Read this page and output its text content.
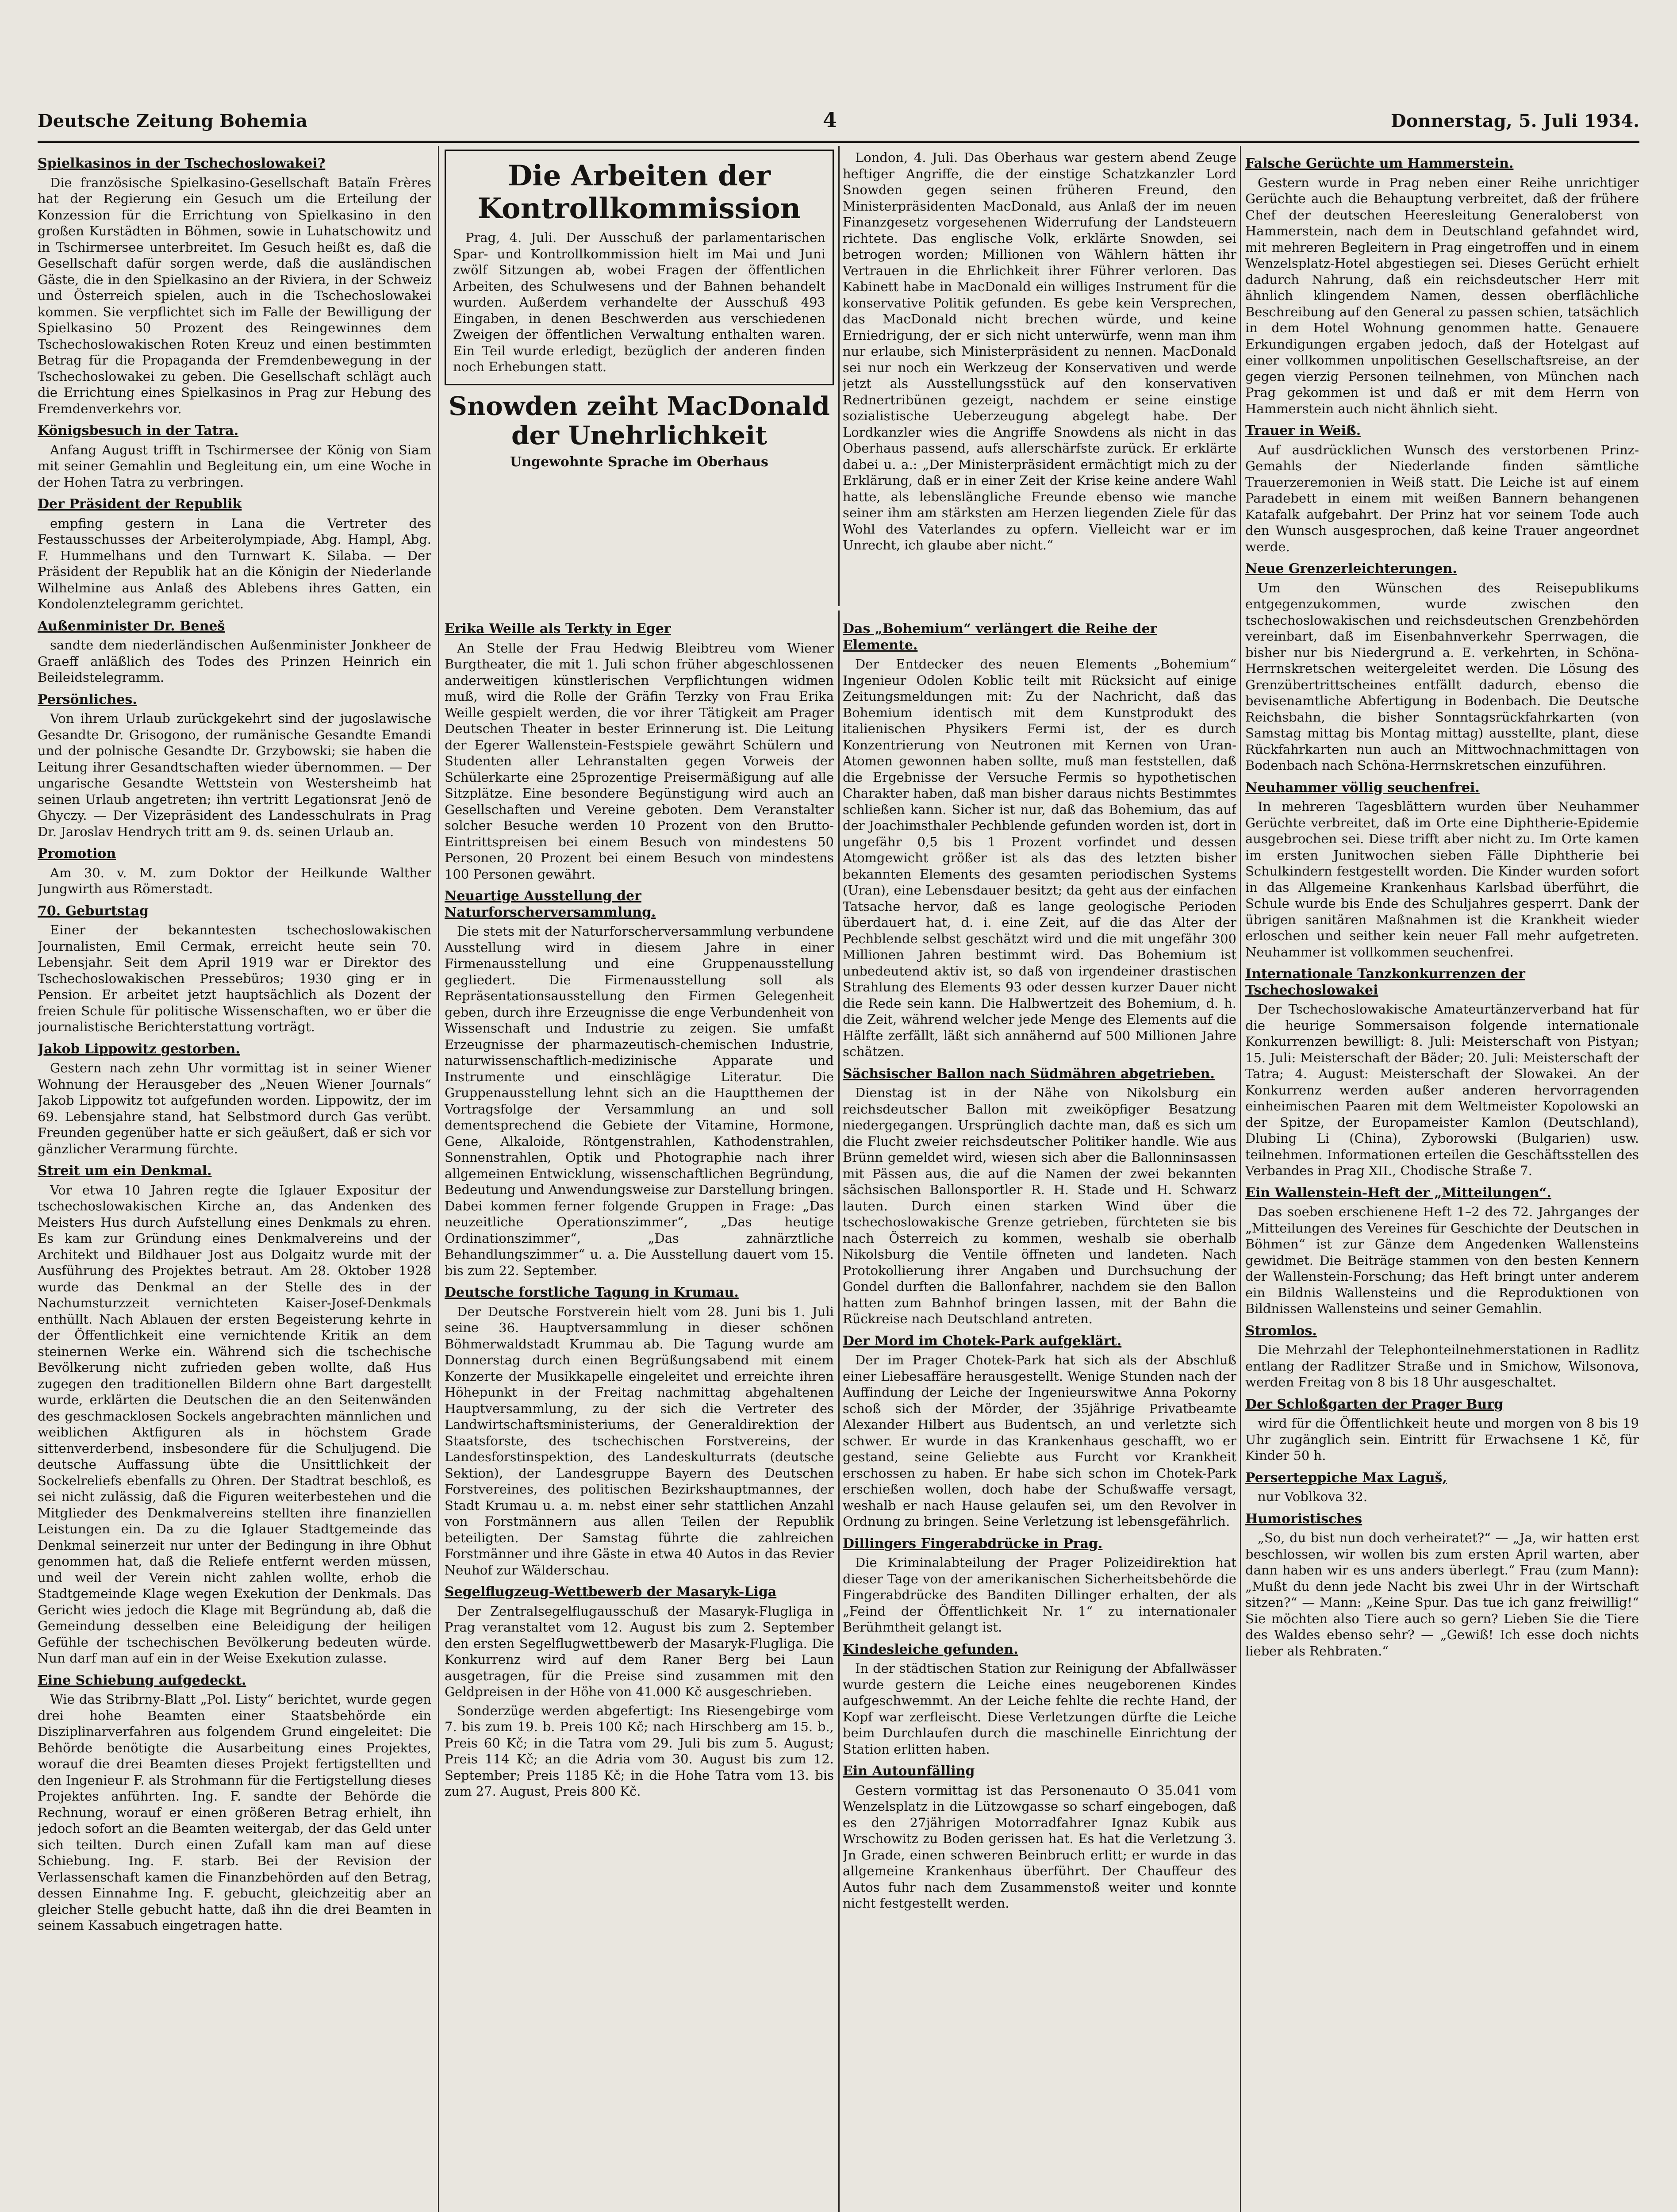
Deutsche Zeitung Bohemia	4	Donnerstag, 5. Juli 1934.
Spielkasinos in der Tschechoslowakei?

Die französische Spielkasino-Gesellschaft Bataïn Frères hat der Regierung ein Gesuch um die Erteilung der Konzession für die Errichtung von Spielkasino in den großen Kurstädten in Böhmen, sowie in Luhatschowitz und in Tschirmersee unterbreitet. Im Gesuch heißt es, daß die Gesellschaft dafür sorgen werde, daß die ausländischen Gäste, die in den Spielkasino an der Riviera, in der Schweiz und Österreich spielen, auch in die Tschechoslowakei kommen. Sie verpflichtet sich im Falle der Bewilligung der Spielkasino 50 Prozent des Reingewinnes dem Tschechoslowakischen Roten Kreuz und einen bestimmten Betrag für die Propaganda der Fremdenbewegung in der Tschechoslowakei zu geben. Die Gesellschaft schlägt auch die Errichtung eines Spielkasinos in Prag zur Hebung des Fremdenverkehrs vor.

Königsbesuch in der Tatra.

Anfang August trifft in Tschirmersee der König von Siam mit seiner Gemahlin und Begleitung ein, um eine Woche in der Hohen Tatra zu verbringen.

Der Präsident der Republik

empfing gestern in Lana die Vertreter des Festausschusses der Arbeiterolympiade, Abg. Hampl, Abg. F. Hummelhans und den Turnwart K. Silaba. — Der Präsident der Republik hat an die Königin der Niederlande Wilhelmine aus Anlaß des Ablebens ihres Gatten, ein Kondolenztelegramm gerichtet.

Außenminister Dr. Beneš

sandte dem niederländischen Außenminister Jonkheer de Graeff anläßlich des Todes des Prinzen Heinrich ein Beileidstelegramm.

Persönliches.

Von ihrem Urlaub zurückgekehrt sind der jugoslawische Gesandte Dr. Grisogono, der rumänische Gesandte Emandi und der polnische Gesandte Dr. Grzybowski; sie haben die Leitung ihrer Gesandtschaften wieder übernommen. — Der ungarische Gesandte Wettstein von Westersheimb hat seinen Urlaub angetreten; ihn vertritt Legationsrat Jenö de Ghyczy. — Der Vizepräsident des Landesschulrats in Prag Dr. Jaroslav Hendrych tritt am 9. ds. seinen Urlaub an.

Promotion

Am 30. v. M. zum Doktor der Heilkunde Walther Jungwirth aus Römerstadt.

70. Geburtstag

Einer der bekanntesten tschechoslowakischen Journalisten, Emil Cermak, erreicht heute sein 70. Lebensjahr. Seit dem April 1919 war er Direktor des Tschechoslowakischen Pressebüros; 1930 ging er in Pension. Er arbeitet jetzt hauptsächlich als Dozent der freien Schule für politische Wissenschaften, wo er über die journalistische Berichterstattung vorträgt.

Jakob Lippowitz gestorben.

Gestern nach zehn Uhr vormittag ist in seiner Wiener Wohnung der Herausgeber des „Neuen Wiener Journals“ Jakob Lippowitz tot aufgefunden worden. Lippowitz, der im 69. Lebensjahre stand, hat Selbstmord durch Gas verübt. Freunden gegenüber hatte er sich geäußert, daß er sich vor gänzlicher Verarmung fürchte.

Streit um ein Denkmal.

Vor etwa 10 Jahren regte die Iglauer Expositur der tschechoslowakischen Kirche an, das Andenken des Meisters Hus durch Aufstellung eines Denkmals zu ehren. Es kam zur Gründung eines Denkmalvereins und der Architekt und Bildhauer Jost aus Dolgaitz wurde mit der Ausführung des Projektes betraut. Am 28. Oktober 1928 wurde das Denkmal an der Stelle des in der Nachumsturzzeit vernichteten Kaiser-Josef-Denkmals enthüllt. Nach Ablauen der ersten Begeisterung kehrte in der Öffentlichkeit eine vernichtende Kritik an dem steinernen Werke ein. Während sich die tschechische Bevölkerung nicht zufrieden geben wollte, daß Hus zugegen den traditionellen Bildern ohne Bart dargestellt wurde, erklärten die Deutschen die an den Seitenwänden des geschmacklosen Sockels angebrachten männlichen und weiblichen Aktfiguren als in höchstem Grade sittenverderbend, insbesondere für die Schuljugend. Die deutsche Auffassung übte die Unsittlichkeit der Sockelreliefs ebenfalls zu Ohren. Der Stadtrat beschloß, es sei nicht zulässig, daß die Figuren weiterbestehen und die Mitglieder des Denkmalvereins stellten ihre finanziellen Leistungen ein. Da zu die Iglauer Stadtgemeinde das Denkmal seinerzeit nur unter der Bedingung in ihre Obhut genommen hat, daß die Reliefe entfernt werden müssen, und weil der Verein nicht zahlen wollte, erhob die Stadtgemeinde Klage wegen Exekution der Denkmals. Das Gericht wies jedoch die Klage mit Begründung ab, daß die Gemeindung desselben eine Beleidigung der heiligen Gefühle der tschechischen Bevölkerung bedeuten würde. Nun darf man auf ein in der Weise Exekution zulasse.

Eine Schiebung aufgedeckt.

Wie das Stribrny-Blatt „Pol. Listy“ berichtet, wurde gegen drei hohe Beamten einer Staatsbehörde ein Disziplinarverfahren aus folgendem Grund eingeleitet: Die Behörde benötigte die Ausarbeitung eines Projektes, worauf die drei Beamten dieses Projekt fertigstellten und den Ingenieur F. als Strohmann für die Fertigstellung dieses Projektes anführten. Ing. F. sandte der Behörde die Rechnung, worauf er einen größeren Betrag erhielt, ihn jedoch sofort an die Beamten weitergab, der das Geld unter sich teilten. Durch einen Zufall kam man auf diese Schiebung. Ing. F. starb. Bei der Revision der Verlassenschaft kamen die Finanzbehörden auf den Betrag, dessen Einnahme Ing. F. gebucht, gleichzeitig aber an gleicher Stelle gebucht hatte, daß ihn die drei Beamten in seinem Kassabuch eingetragen hatte.

Die Arbeiten der Kontrollkommission

Prag, 4. Juli. Der Ausschuß der parlamentarischen Spar- und Kontrollkommission hielt im Mai und Juni zwölf Sitzungen ab, wobei Fragen der öffentlichen Arbeiten, des Schulwesens und der Bahnen behandelt wurden. Außerdem verhandelte der Ausschuß 493 Eingaben, in denen Beschwerden aus verschiedenen Zweigen der öffentlichen Verwaltung enthalten waren. Ein Teil wurde erledigt, bezüglich der anderen finden noch Erhebungen statt.

Snowden zeiht MacDonald der Unehrlichkeit
Ungewohnte Sprache im Oberhaus

London, 4. Juli. Das Oberhaus war gestern abend Zeuge heftiger Angriffe, die der einstige Schatzkanzler Lord Snowden gegen seinen früheren Freund, den Ministerpräsidenten MacDonald, aus Anlaß der im neuen Finanzgesetz vorgesehenen Widerrufung der Landsteuern richtete. Das englische Volk, erklärte Snowden, sei betrogen worden; Millionen von Wählern hätten ihr Vertrauen in die Ehrlichkeit ihrer Führer verloren. Das Kabinett habe in MacDonald ein williges Instrument für die konservative Politik gefunden. Es gebe kein Versprechen, das MacDonald nicht brechen würde, und keine Erniedrigung, der er sich nicht unterwürfe, wenn man ihm nur erlaube, sich Ministerpräsident zu nennen. MacDonald sei nur noch ein Werkzeug der Konservativen und werde jetzt als Ausstellungsstück auf den konservativen Rednertribünen gezeigt, nachdem er seine einstige sozialistische Ueberzeugung abgelegt habe. Der Lordkanzler wies die Angriffe Snowdens als nicht in das Oberhaus passend, aufs allerschärfste zurück. Er erklärte dabei u. a.: „Der Ministerpräsident ermächtigt mich zu der Erklärung, daß er in einer Zeit der Krise keine andere Wahl hatte, als lebenslängliche Freunde ebenso wie manche seiner ihm am stärksten am Herzen liegenden Ziele für das Wohl des Vaterlandes zu opfern. Vielleicht war er im Unrecht, ich glaube aber nicht.“

Erika Weille als Terkty in Eger

An Stelle der Frau Hedwig Bleibtreu vom Wiener Burgtheater, die mit 1. Juli schon früher abgeschlossenen anderweitigen künstlerischen Verpflichtungen widmen muß, wird die Rolle der Gräfin Terzky von Frau Erika Weille gespielt werden, die vor ihrer Tätigkeit am Prager Deutschen Theater in bester Erinnerung ist. Die Leitung der Egerer Wallenstein-Festspiele gewährt Schülern und Studenten aller Lehranstalten gegen Vorweis der Schülerkarte eine 25prozentige Preisermäßigung auf alle Sitzplätze. Eine besondere Begünstigung wird auch an Gesellschaften und Vereine geboten. Dem Veranstalter solcher Besuche werden 10 Prozent von den Brutto-Eintrittspreisen bei einem Besuch von mindestens 50 Personen, 20 Prozent bei einem Besuch von mindestens 100 Personen gewährt.

Neuartige Ausstellung der Naturforscherversammlung.

Die stets mit der Naturforscherversammlung verbundene Ausstellung wird in diesem Jahre in einer Firmenausstellung und eine Gruppenausstellung gegliedert. Die Firmenausstellung soll als Repräsentationsausstellung den Firmen Gelegenheit geben, durch ihre Erzeugnisse die enge Verbundenheit von Wissenschaft und Industrie zu zeigen. Sie umfaßt Erzeugnisse der pharmazeutisch-chemischen Industrie, naturwissenschaftlich-medizinische Apparate und Instrumente und einschlägige Literatur. Die Gruppenausstellung lehnt sich an die Hauptthemen der Vortragsfolge der Versammlung an und soll dementsprechend die Gebiete der Vitamine, Hormone, Gene, Alkaloide, Röntgenstrahlen, Kathodenstrahlen, Sonnenstrahlen, Optik und Photographie nach ihrer allgemeinen Entwicklung, wissenschaftlichen Begründung, Bedeutung und Anwendungsweise zur Darstellung bringen. Dabei kommen ferner folgende Gruppen in Frage: „Das neuzeitliche Operationszimmer“, „Das heutige Ordinationszimmer“, „Das zahnärztliche Behandlungszimmer“ u. a. Die Ausstellung dauert vom 15. bis zum 22. September.

Deutsche forstliche Tagung in Krumau.

Der Deutsche Forstverein hielt vom 28. Juni bis 1. Juli seine 36. Hauptversammlung in dieser schönen Böhmerwaldstadt Krummau ab. Die Tagung wurde am Donnerstag durch einen Begrüßungsabend mit einem Konzerte der Musikkapelle eingeleitet und erreichte ihren Höhepunkt in der Freitag nachmittag abgehaltenen Hauptversammlung, zu der sich die Vertreter des Landwirtschaftsministeriums, der Generaldirektion der Staatsforste, des tschechischen Forstvereins, der Landesforstinspektion, des Landeskulturrats (deutsche Sektion), der Landesgruppe Bayern des Deutschen Forstvereines, des politischen Bezirkshauptmannes, der Stadt Krumau u. a. m. nebst einer sehr stattlichen Anzahl von Forstmännern aus allen Teilen der Republik beteiligten. Der Samstag führte die zahlreichen Forstmänner und ihre Gäste in etwa 40 Autos in das Revier Neuhof zur Wälderschau.

Segelflugzeug-Wettbewerb der Masaryk-Liga

Der Zentralsegelflugausschuß der Masaryk-Flugliga in Prag veranstaltet vom 12. August bis zum 2. September den ersten Segelflugwettbewerb der Masaryk-Flugliga. Die Konkurrenz wird auf dem Raner Berg bei Laun ausgetragen, für die Preise sind zusammen mit den Geldpreisen in der Höhe von 41.000 Kč ausgeschrieben.

Sonderzüge werden abgefertigt: Ins Riesengebirge vom 7. bis zum 19. b. Preis 100 Kč; nach Hirschberg am 15. b., Preis 60 Kč; in die Tatra vom 29. Juli bis zum 5. August; Preis 114 Kč; an die Adria vom 30. August bis zum 12. September; Preis 1185 Kč; in die Hohe Tatra vom 13. bis zum 27. August, Preis 800 Kč.

Das „Bohemium“ verlängert die Reihe der Elemente.

Der Entdecker des neuen Elements „Bohemium“ Ingenieur Odolen Koblic teilt mit Rücksicht auf einige Zeitungsmeldungen mit: Zu der Nachricht, daß das Bohemium identisch mit dem Kunstprodukt des italienischen Physikers Fermi ist, der es durch Konzentrierung von Neutronen mit Kernen von Uran-Atomen gewonnen haben sollte, muß man feststellen, daß die Ergebnisse der Versuche Fermis so hypothetischen Charakter haben, daß man bisher daraus nichts Bestimmtes schließen kann. Sicher ist nur, daß das Bohemium, das auf der Joachimsthaler Pechblende gefunden worden ist, dort in ungefähr 0,5 bis 1 Prozent vorfindet und dessen Atomgewicht größer ist als das des letzten bisher bekannten Elements des gesamten periodischen Systems (Uran), eine Lebensdauer besitzt; da geht aus der einfachen Tatsache hervor, daß es lange geologische Perioden überdauert hat, d. i. eine Zeit, auf die das Alter der Pechblende selbst geschätzt wird und die mit ungefähr 300 Millionen Jahren bestimmt wird. Das Bohemium ist unbedeutend aktiv ist, so daß von irgendeiner drastischen Strahlung des Elements 93 oder dessen kurzer Dauer nicht die Rede sein kann. Die Halbwertzeit des Bohemium, d. h. die Zeit, während welcher jede Menge des Elements auf die Hälfte zerfällt, läßt sich annähernd auf 500 Millionen Jahre schätzen.

Sächsischer Ballon nach Südmähren abgetrieben.

Dienstag ist in der Nähe von Nikolsburg ein reichsdeutscher Ballon mit zweiköpfiger Besatzung niedergegangen. Ursprünglich dachte man, daß es sich um die Flucht zweier reichsdeutscher Politiker handle. Wie aus Brünn gemeldet wird, wiesen sich aber die Ballonninsassen mit Pässen aus, die auf die Namen der zwei bekannten sächsischen Ballonsportler R. H. Stade und H. Schwarz lauten. Durch einen starken Wind über die tschechoslowakische Grenze getrieben, fürchteten sie bis nach Österreich zu kommen, weshalb sie oberhalb Nikolsburg die Ventile öffneten und landeten. Nach Protokollierung ihrer Angaben und Durchsuchung der Gondel durften die Ballonfahrer, nachdem sie den Ballon hatten zum Bahnhof bringen lassen, mit der Bahn die Rückreise nach Deutschland antreten.

Der Mord im Chotek-Park aufgeklärt.

Der im Prager Chotek-Park hat sich als der Abschluß einer Liebesaffäre herausgestellt. Wenige Stunden nach der Auffindung der Leiche der Ingenieurswitwe Anna Pokorny schoß sich der Mörder, der 35jährige Privatbeamte Alexander Hilbert aus Budentsch, an und verletzte sich schwer. Er wurde in das Krankenhaus geschafft, wo er gestand, seine Geliebte aus Furcht vor Krankheit erschossen zu haben. Er habe sich schon im Chotek-Park erschießen wollen, doch habe der Schußwaffe versagt, weshalb er nach Hause gelaufen sei, um den Revolver in Ordnung zu bringen. Seine Verletzung ist lebensgefährlich.

Dillingers Fingerabdrücke in Prag.

Die Kriminalabteilung der Prager Polizeidirektion hat dieser Tage von der amerikanischen Sicherheitsbehörde die Fingerabdrücke des Banditen Dillinger erhalten, der als „Feind der Öffentlichkeit Nr. 1“ zu internationaler Berühmtheit gelangt ist.

Kindesleiche gefunden.

In der städtischen Station zur Reinigung der Abfallwässer wurde gestern die Leiche eines neugeborenen Kindes aufgeschwemmt. An der Leiche fehlte die rechte Hand, der Kopf war zerfleischt. Diese Verletzungen dürfte die Leiche beim Durchlaufen durch die maschinelle Einrichtung der Station erlitten haben.

Ein Autounfälling

Gestern vormittag ist das Personenauto O 35.041 vom Wenzelsplatz in die Lützowgasse so scharf eingebogen, daß es den 27jährigen Motorradfahrer Ignaz Kubik aus Wrschowitz zu Boden gerissen hat. Es hat die Verletzung 3. Jn Grade, einen schweren Beinbruch erlitt; er wurde in das allgemeine Krankenhaus überführt. Der Chauffeur des Autos fuhr nach dem Zusammenstoß weiter und konnte nicht festgestellt werden.

Falsche Gerüchte um Hammerstein.

Gestern wurde in Prag neben einer Reihe unrichtiger Gerüchte auch die Behauptung verbreitet, daß der frühere Chef der deutschen Heeresleitung Generaloberst von Hammerstein, nach dem in Deutschland gefahndet wird, mit mehreren Begleitern in Prag eingetroffen und in einem Wenzelsplatz-Hotel abgestiegen sei. Dieses Gerücht erhielt dadurch Nahrung, daß ein reichsdeutscher Herr mit ähnlich klingendem Namen, dessen oberflächliche Beschreibung auf den General zu passen schien, tatsächlich in dem Hotel Wohnung genommen hatte. Genauere Erkundigungen ergaben jedoch, daß der Hotelgast auf einer vollkommen unpolitischen Gesellschaftsreise, an der gegen vierzig Personen teilnehmen, von München nach Prag gekommen ist und daß er mit dem Herrn von Hammerstein auch nicht ähnlich sieht.

Trauer in Weiß.

Auf ausdrücklichen Wunsch des verstorbenen Prinz-Gemahls der Niederlande finden sämtliche Trauerzeremonien in Weiß statt. Die Leiche ist auf einem Paradebett in einem mit weißen Bannern behangenen Katafalk aufgebahrt. Der Prinz hat vor seinem Tode auch den Wunsch ausgesprochen, daß keine Trauer angeordnet werde.

Neue Grenzerleichterungen.

Um den Wünschen des Reisepublikums entgegenzukommen, wurde zwischen den tschechoslowakischen und reichsdeutschen Grenzbehörden vereinbart, daß im Eisenbahnverkehr Sperrwagen, die bisher nur bis Niedergrund a. E. verkehrten, in Schöna-Herrnskretschen weitergeleitet werden. Die Lösung des Grenzübertrittscheines entfällt dadurch, ebenso die bevisenamtliche Abfertigung in Bodenbach. Die Deutsche Reichsbahn, die bisher Sonntagsrückfahrkarten (von Samstag mittag bis Montag mittag) ausstellte, plant, diese Rückfahrkarten nun auch an Mittwochnachmittagen von Bodenbach nach Schöna-Herrnskretschen einzuführen.

Neuhammer völlig seuchenfrei.

In mehreren Tagesblättern wurden über Neuhammer Gerüchte verbreitet, daß im Orte eine Diphtherie-Epidemie ausgebrochen sei. Diese trifft aber nicht zu. Im Orte kamen im ersten Junitwochen sieben Fälle Diphtherie bei Schulkindern festgestellt worden. Die Kinder wurden sofort in das Allgemeine Krankenhaus Karlsbad überführt, die Schule wurde bis Ende des Schuljahres gesperrt. Dank der übrigen sanitären Maßnahmen ist die Krankheit wieder erloschen und seither kein neuer Fall mehr aufgetreten. Neuhammer ist vollkommen seuchenfrei.

Internationale Tanzkonkurrenzen der Tschechoslowakei

Der Tschechoslowakische Amateurtänzerverband hat für die heurige Sommersaison folgende internationale Konkurrenzen bewilligt: 8. Juli: Meisterschaft von Pistyan; 15. Juli: Meisterschaft der Bäder; 20. Juli: Meisterschaft der Tatra; 4. August: Meisterschaft der Slowakei. An der Konkurrenz werden außer anderen hervorragenden einheimischen Paaren mit dem Weltmeister Kopolowski an der Spitze, der Europameister Kamlon (Deutschland), Dlubing Li (China), Zyborowski (Bulgarien) usw. teilnehmen. Informationen erteilen die Geschäftsstellen des Verbandes in Prag XII., Chodische Straße 7.

Ein Wallenstein-Heft der „Mitteilungen“.

Das soeben erschienene Heft 1–2 des 72. Jahrganges der „Mitteilungen des Vereines für Geschichte der Deutschen in Böhmen“ ist zur Gänze dem Angedenken Wallensteins gewidmet. Die Beiträge stammen von den besten Kennern der Wallenstein-Forschung; das Heft bringt unter anderem ein Bildnis Wallensteins und die Reproduktionen von Bildnissen Wallensteins und seiner Gemahlin.

Stromlos.

Die Mehrzahl der Telephonteilnehmerstationen in Radlitz entlang der Radlitzer Straße und in Smichow, Wilsonova, werden Freitag von 8 bis 18 Uhr ausgeschaltet.

Der Schloßgarten der Prager Burg

wird für die Öffentlichkeit heute und morgen von 8 bis 19 Uhr zugänglich sein. Eintritt für Erwachsene 1 Kč, für Kinder 50 h.

Perserteppiche Max Laguš,

nur Voblkova 32.

Humoristisches

„So, du bist nun doch verheiratet?“ — „Ja, wir hatten erst beschlossen, wir wollen bis zum ersten April warten, aber dann haben wir es uns anders überlegt.“ Frau (zum Mann): „Mußt du denn jede Nacht bis zwei Uhr in der Wirtschaft sitzen?“ — Mann: „Keine Spur. Das tue ich ganz freiwillig!“ Sie möchten also Tiere auch so gern? Lieben Sie die Tiere des Waldes ebenso sehr? — „Gewiß! Ich esse doch nichts lieber als Rehbraten.“
